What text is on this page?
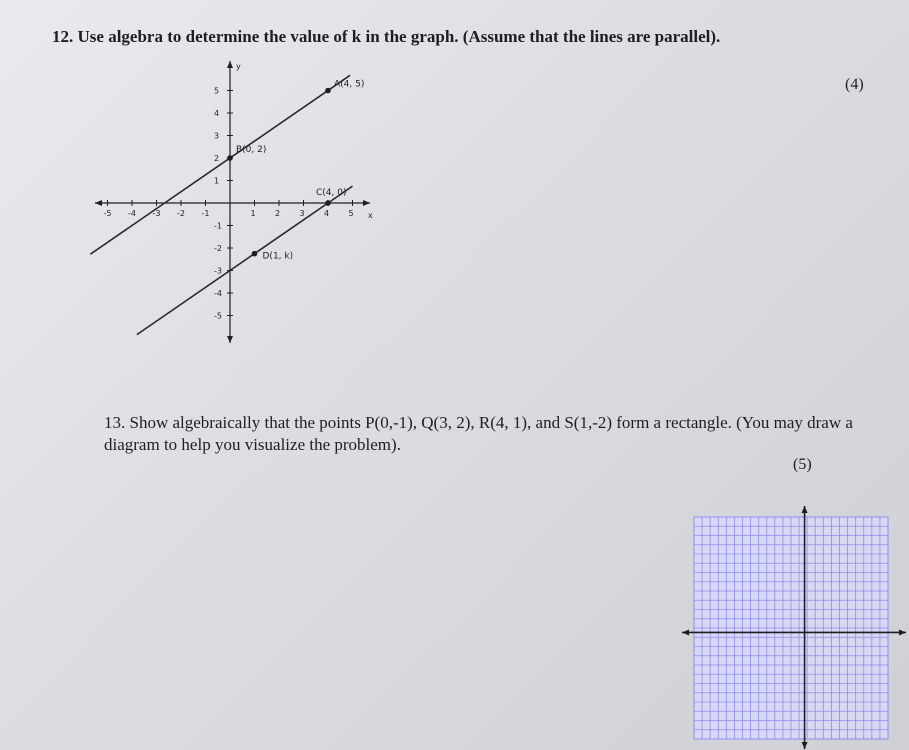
12. Use algebra to determine the value of k in the graph. (Assume that the lines are parallel).
(4)
x
y
-5 -4 -3 -2 -1	1 2 3 4 5
5
4
3
2
1
-1
-2
-3
-4
-5
A(4, 5)
B(0, 2)
C(4, 0)
D(1, k)
13. Show algebraically that the points P(0,-1), Q(3, 2), R(4, 1), and S(1,-2) form a rectangle. (You may draw a diagram to help you visualize the problem).
(5)
